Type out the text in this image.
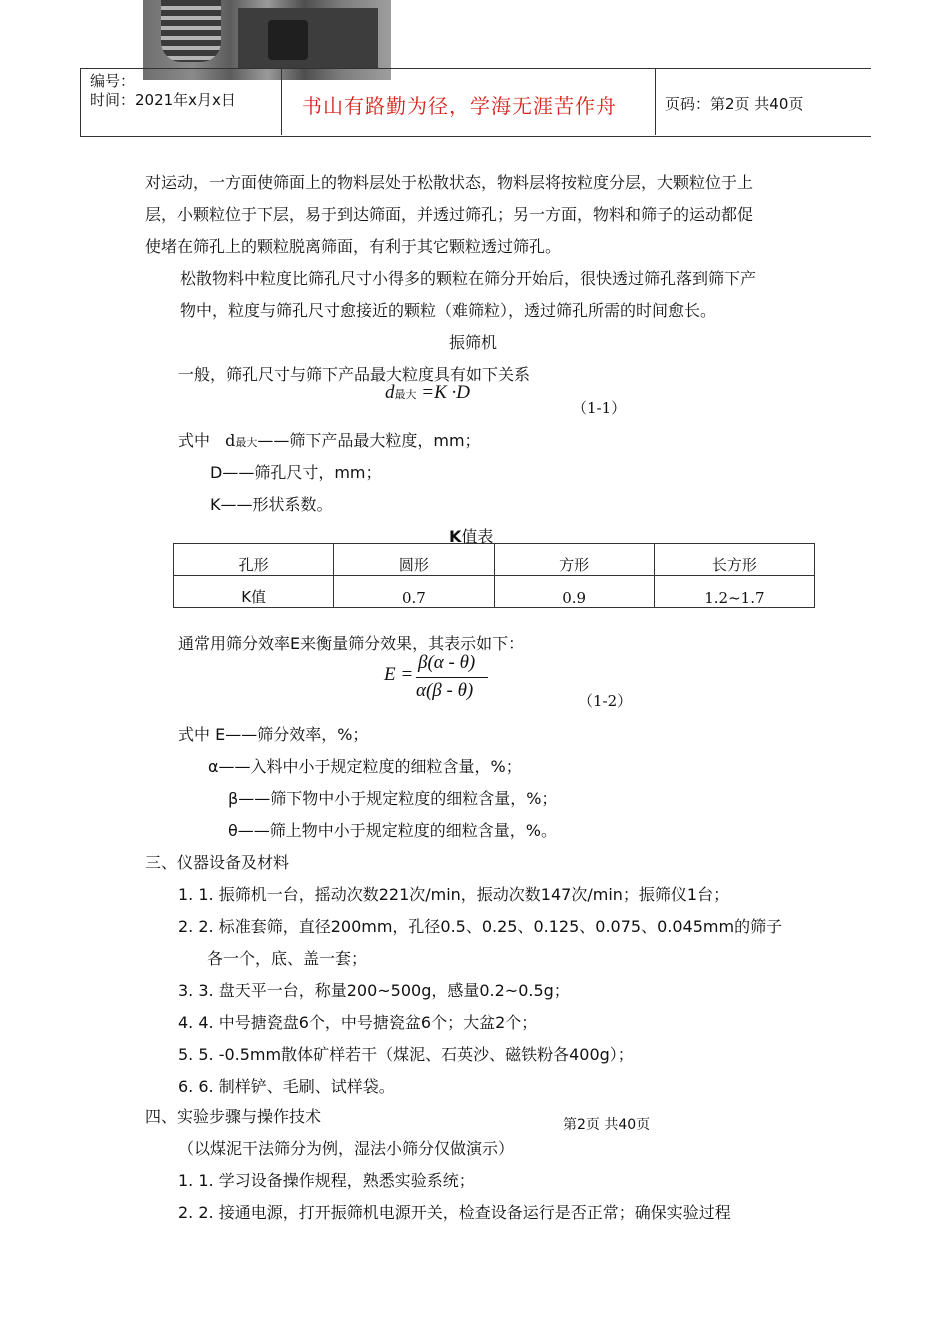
编号：
时间：2021年x月x日	书山有路勤为径，学海无涯苦作舟	页码：第2页 共40页
对运动，一方面使筛面上的物料层处于松散状态，物料层将按粒度分层，大颗粒位于上
层，小颗粒位于下层，易于到达筛面，并透过筛孔；另一方面，物料和筛子的运动都促
使堵在筛孔上的颗粒脱离筛面，有利于其它颗粒透过筛孔。
松散物料中粒度比筛孔尺寸小得多的颗粒在筛分开始后，很快透过筛孔落到筛下产
物中，粒度与筛孔尺寸愈接近的颗粒（难筛粒），透过筛孔所需的时间愈长。
振筛机
一般，筛孔尺寸与筛下产品最大粒度具有如下关系
d最大 =K ·D
（1-1）
式中 d最大——筛下产品最大粒度，mm；
D——筛孔尺寸，mm；
K——形状系数。
K值表
孔形	圆形	方形	长方形
K值	0.7	0.9	1.2~1.7
通常用筛分效率E来衡量筛分效果，其表示如下：
E =
β(α - θ)
α(β - θ)	（1-2）
式中 E——筛分效率，%；
α——入料中小于规定粒度的细粒含量，%；
β——筛下物中小于规定粒度的细粒含量，%；
θ——筛上物中小于规定粒度的细粒含量，%。
三、仪器设备及材料
1. 1. 振筛机一台，摇动次数221次/min，振动次数147次/min；振筛仪1台；
2. 2. 标准套筛，直径200mm，孔径0.5、0.25、0.125、0.075、0.045mm的筛子
各一个，底、盖一套；
3. 3. 盘天平一台，称量200~500g，感量0.2~0.5g；
4. 4. 中号搪瓷盘6个，中号搪瓷盆6个；大盆2个；
5. 5. -0.5mm散体矿样若干（煤泥、石英沙、磁铁粉各400g）；
6. 6. 制样铲、毛刷、试样袋。
四、实验步骤与操作技术	第2页 共40页
（以煤泥干法筛分为例，湿法小筛分仅做演示）
1. 1. 学习设备操作规程，熟悉实验系统；
2. 2. 接通电源，打开振筛机电源开关，检查设备运行是否正常；确保实验过程
